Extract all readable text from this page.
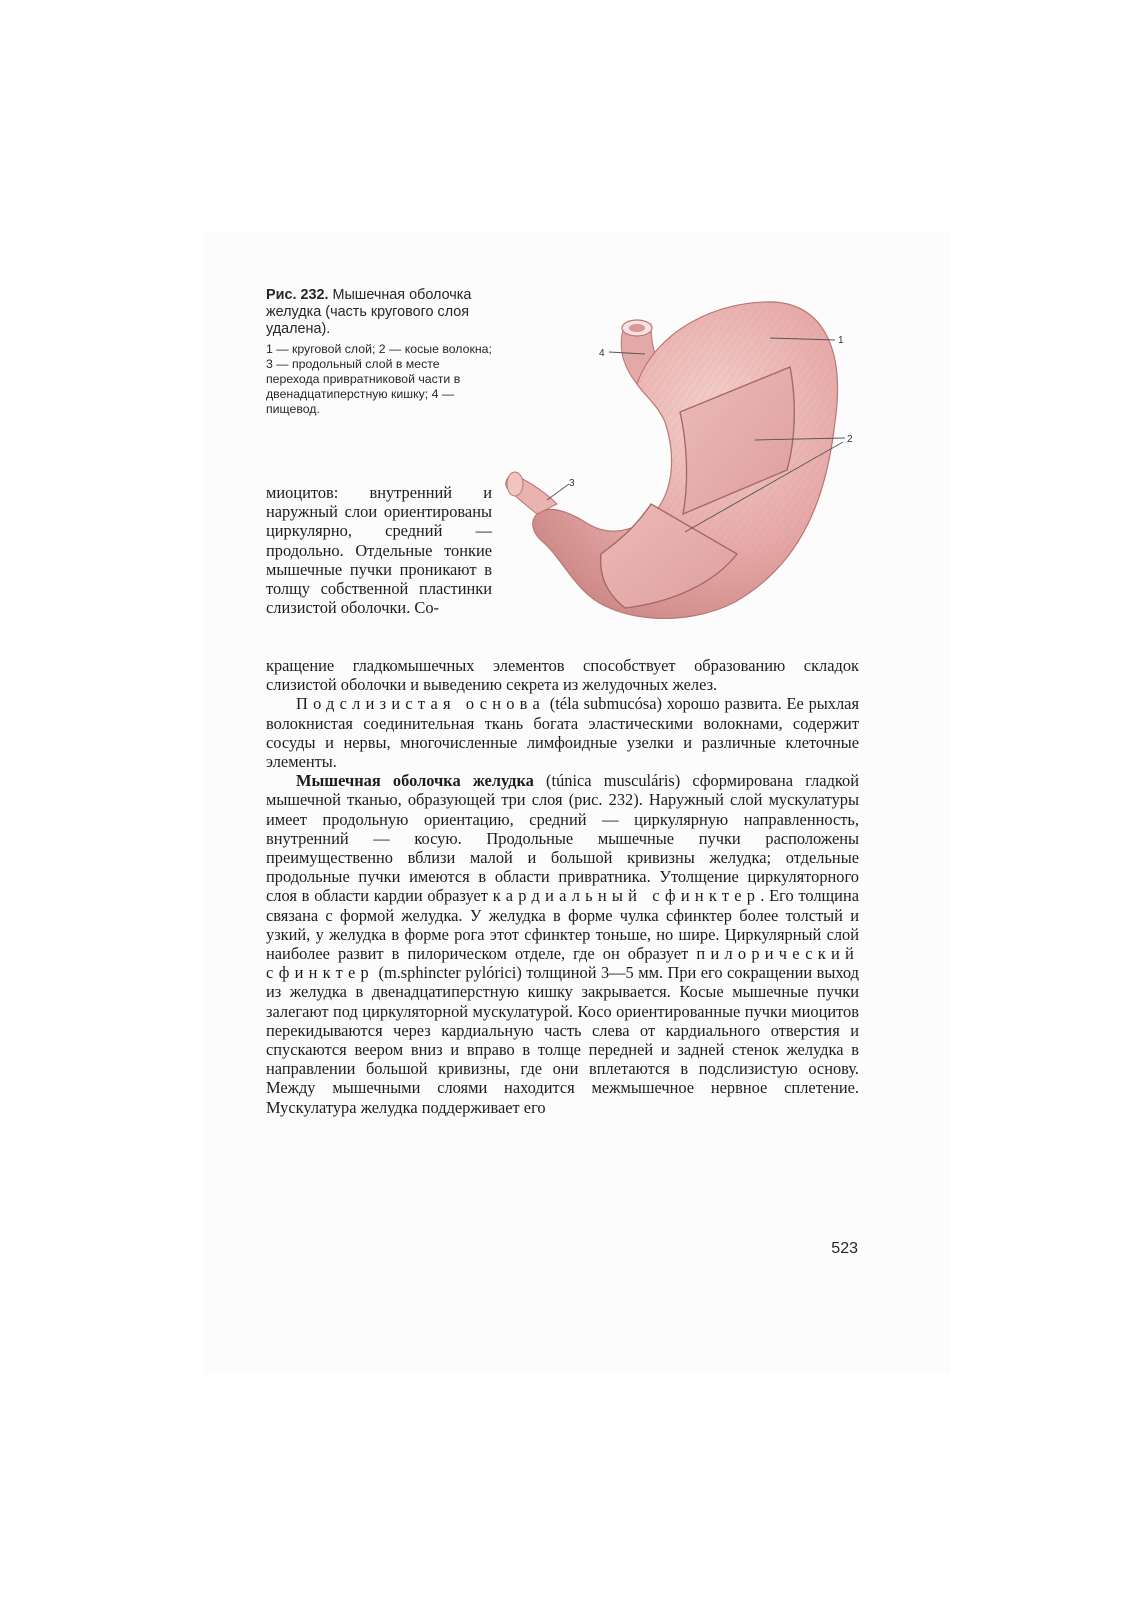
Рис. 232. Мышечная оболочка желудка (часть кругового слоя удалена).

1 — круговой слой; 2 — косые волокна; 3 — продольный слой в месте перехода привратниковой части в двенадцатиперстную кишку; 4 — пищевод.

4
1
2
3
миоцитов: внутренний и наружный слои ориентированы циркулярно, средний — продольно. Отдельные тонкие мышечные пучки проникают в толщу собственной пластинки слизистой оболочки. Со-

кращение гладкомышечных элементов способствует образованию складок слизистой оболочки и выведению секрета из желудочных желез.

Подслизистая основа (téla submucósa) хорошо развита. Ее рыхлая волокнистая соединительная ткань богата эластическими волокнами, содержит сосуды и нервы, многочисленные лимфоидные узелки и различные клеточные элементы.

Мышечная оболочка желудка (túnica musculáris) сформирована гладкой мышечной тканью, образующей три слоя (рис. 232). Наружный слой мускулатуры имеет продольную ориентацию, средний — циркулярную направленность, внутренний — косую. Продольные мышечные пучки расположены преимущественно вблизи малой и большой кривизны желудка; отдельные продольные пучки имеются в области привратника. Утолщение циркуляторного слоя в области кардии образует кардиальный сфинктер. Его толщина связана с формой желудка. У желудка в форме чулка сфинктер более толстый и узкий, у желудка в форме рога этот сфинктер тоньше, но шире. Циркулярный слой наиболее развит в пилорическом отделе, где он образует пилорический сфинктер (m.sphincter pylórici) толщиной 3—5 мм. При его сокращении выход из желудка в двенадцатиперстную кишку закрывается. Косые мышечные пучки залегают под циркуляторной мускулатурой. Косо ориентированные пучки миоцитов перекидываются через кардиальную часть слева от кардиального отверстия и спускаются веером вниз и вправо в толще передней и задней стенок желудка в направлении большой кривизны, где они вплетаются в подслизистую основу. Между мышечными слоями находится межмышечное нервное сплетение. Мускулатура желудка поддерживает его

523
